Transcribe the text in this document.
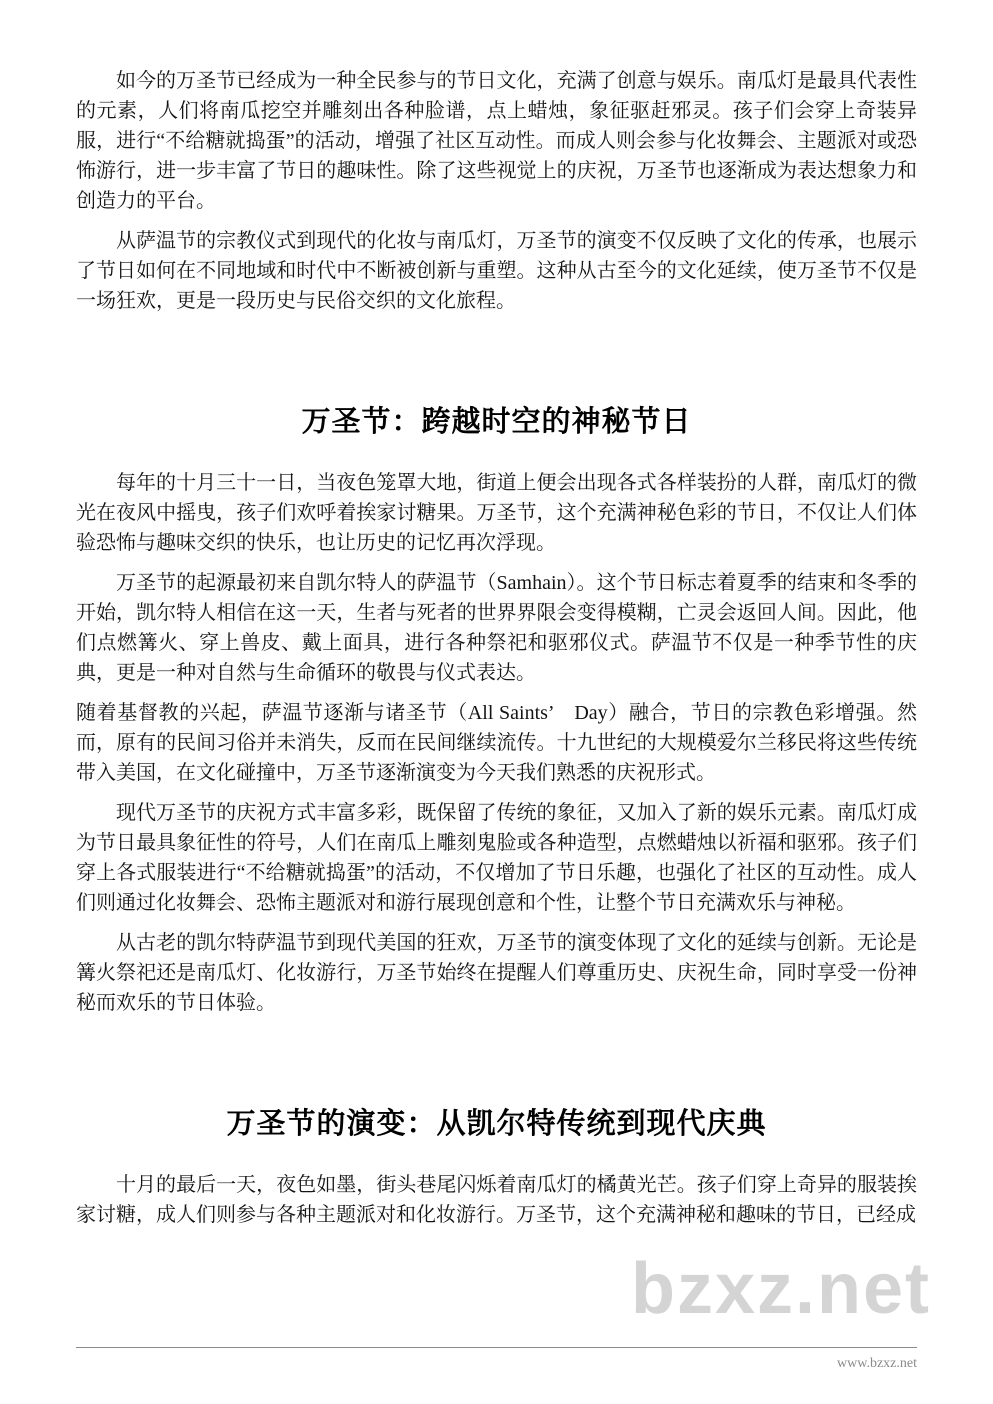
如今的万圣节已经成为一种全民参与的节日文化，充满了创意与娱乐。南瓜灯是最具代表性的元素，人们将南瓜挖空并雕刻出各种脸谱，点上蜡烛，象征驱赶邪灵。孩子们会穿上奇装异服，进行“不给糖就捣蛋”的活动，增强了社区互动性。而成人则会参与化妆舞会、主题派对或恐怖游行，进一步丰富了节日的趣味性。除了这些视觉上的庆祝，万圣节也逐渐成为表达想象力和创造力的平台。

从萨温节的宗教仪式到现代的化妆与南瓜灯，万圣节的演变不仅反映了文化的传承，也展示了节日如何在不同地域和时代中不断被创新与重塑。这种从古至今的文化延续，使万圣节不仅是一场狂欢，更是一段历史与民俗交织的文化旅程。

万圣节：跨越时空的神秘节日

每年的十月三十一日，当夜色笼罩大地，街道上便会出现各式各样装扮的人群，南瓜灯的微光在夜风中摇曳，孩子们欢呼着挨家讨糖果。万圣节，这个充满神秘色彩的节日，不仅让人们体验恐怖与趣味交织的快乐，也让历史的记忆再次浮现。

万圣节的起源最初来自凯尔特人的萨温节（Samhain）。这个节日标志着夏季的结束和冬季的开始，凯尔特人相信在这一天，生者与死者的世界界限会变得模糊，亡灵会返回人间。因此，他们点燃篝火、穿上兽皮、戴上面具，进行各种祭祀和驱邪仪式。萨温节不仅是一种季节性的庆典，更是一种对自然与生命循环的敬畏与仪式表达。

随着基督教的兴起，萨温节逐渐与诸圣节（All Saints’　Day）融合，节日的宗教色彩增强。然而，原有的民间习俗并未消失，反而在民间继续流传。十九世纪的大规模爱尔兰移民将这些传统带入美国，在文化碰撞中，万圣节逐渐演变为今天我们熟悉的庆祝形式。

现代万圣节的庆祝方式丰富多彩，既保留了传统的象征，又加入了新的娱乐元素。南瓜灯成为节日最具象征性的符号，人们在南瓜上雕刻鬼脸或各种造型，点燃蜡烛以祈福和驱邪。孩子们穿上各式服装进行“不给糖就捣蛋”的活动，不仅增加了节日乐趣，也强化了社区的互动性。成人们则通过化妆舞会、恐怖主题派对和游行展现创意和个性，让整个节日充满欢乐与神秘。

从古老的凯尔特萨温节到现代美国的狂欢，万圣节的演变体现了文化的延续与创新。无论是篝火祭祀还是南瓜灯、化妆游行，万圣节始终在提醒人们尊重历史、庆祝生命，同时享受一份神秘而欢乐的节日体验。

万圣节的演变：从凯尔特传统到现代庆典

十月的最后一天，夜色如墨，街头巷尾闪烁着南瓜灯的橘黄光芒。孩子们穿上奇异的服装挨家讨糖，成人们则参与各种主题派对和化妆游行。万圣节，这个充满神秘和趣味的节日，已经成

bzxz.net
www.bzxz.net
